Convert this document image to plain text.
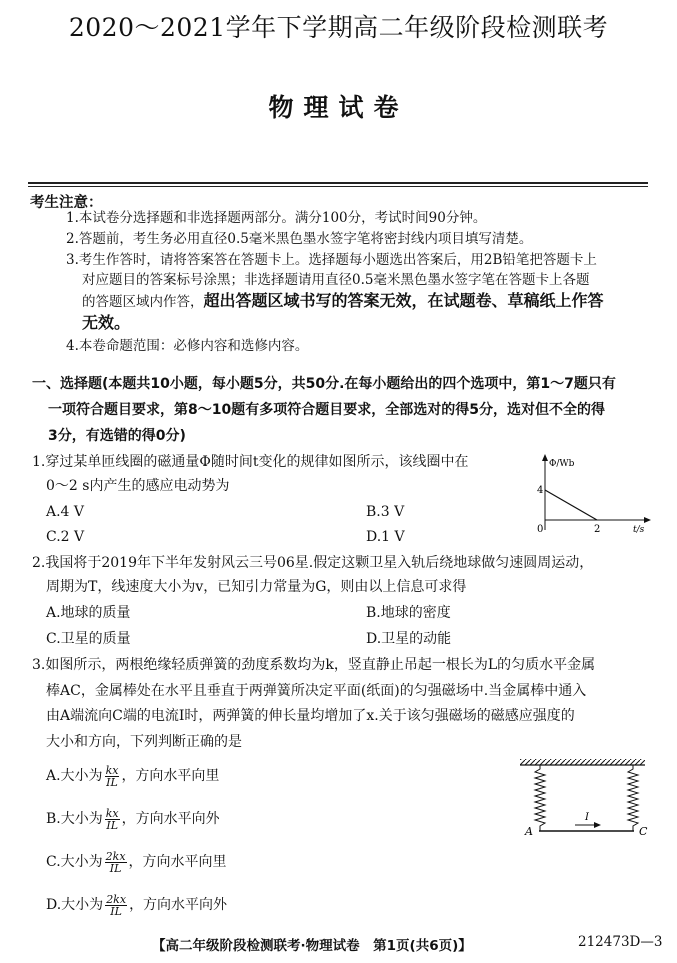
2020～2021学年下学期高二年级阶段检测联考
物理试卷
考生注意：
1.本试卷分选择题和非选择题两部分。满分100分，考试时间90分钟。
2.答题前，考生务必用直径0.5毫米黑色墨水签字笔将密封线内项目填写清楚。
3.考生作答时，请将答案答在答题卡上。选择题每小题选出答案后，用2B铅笔把答题卡上
对应题目的答案标号涂黑；非选择题请用直径0.5毫米黑色墨水签字笔在答题卡上各题
的答题区域内作答，超出答题区域书写的答案无效，在试题卷、草稿纸上作答
无效。
4.本卷命题范围：必修内容和选修内容。
一、选择题(本题共10小题，每小题5分，共50分.在每小题给出的四个选项中，第1～7题只有
一项符合题目要求，第8～10题有多项符合题目要求，全部选对的得5分，选对但不全的得
3分，有选错的得0分)
1.穿过某单匝线圈的磁通量Φ随时间t变化的规律如图所示，该线圈中在
0～2 s内产生的感应电动势为
A.4 V	B.3 V
C.2 V	D.1 V
Φ/Wb
t/s
4
2
0
2.我国将于2019年下半年发射风云三号06星.假定这颗卫星入轨后绕地球做匀速圆周运动，
周期为T，线速度大小为v，已知引力常量为G，则由以上信息可求得
A.地球的质量	B.地球的密度
C.卫星的质量	D.卫星的动能
3.如图所示，两根绝缘轻质弹簧的劲度系数均为k，竖直静止吊起一根长为L的匀质水平金属
棒AC，金属棒处在水平且垂直于两弹簧所决定平面(纸面)的匀强磁场中.当金属棒中通入
由A端流向C端的电流I时，两弹簧的伸长量均增加了x.关于该匀强磁场的磁感应强度的
大小和方向，下列判断正确的是
A.大小为 $\frac{kx}{IL}$ ，方向水平向里
B.大小为 $\frac{kx}{IL}$ ，方向水平向外
C.大小为 $\frac{2kx}{IL}$ ，方向水平向里
D.大小为 $\frac{2kx}{IL}$ ，方向水平向外
I
A	C
【高二年级阶段检测联考·物理试卷　第1页(共6页)】	212473D—3
